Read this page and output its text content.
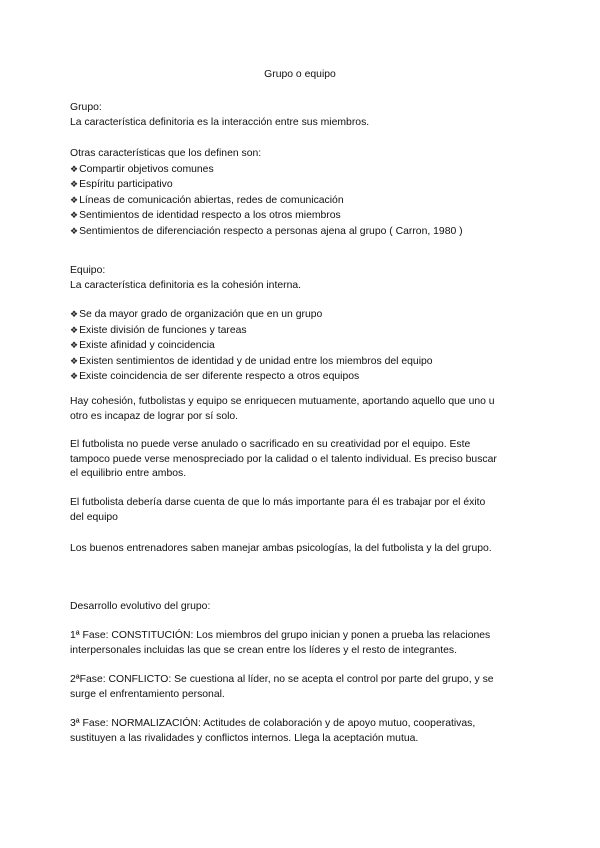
Grupo o equipo

Grupo:

La característica definitoria es la interacción entre sus miembros.

Otras características que los definen son:

❖ Compartir objetivos comunes
❖ Espíritu participativo
❖ Líneas de comunicación abiertas, redes de comunicación
❖ Sentimientos de identidad respecto a los otros miembros
❖ Sentimientos de diferenciación respecto a personas ajena al grupo ( Carron, 1980 )

Equipo:

La característica definitoria es la cohesión interna.

❖ Se da mayor grado de organización que en un grupo
❖ Existe división de funciones y tareas
❖ Existe afinidad y coincidencia
❖ Existen sentimientos de identidad y de unidad entre los miembros del equipo
❖ Existe coincidencia de ser diferente respecto a otros equipos

Hay cohesión, futbolistas y equipo se enriquecen mutuamente, aportando aquello que uno u

otro es incapaz de lograr por sí solo.

El futbolista no puede verse anulado o sacrificado en su creatividad por el equipo. Este

tampoco puede verse menospreciado por la calidad o el talento individual. Es preciso buscar

el equilibrio entre ambos.

El futbolista debería darse cuenta de que lo más importante para él es trabajar por el éxito

del equipo

Los buenos entrenadores saben manejar ambas psicologías, la del futbolista y la del grupo.

Desarrollo evolutivo del grupo:

1ª Fase: CONSTITUCIÓN: Los miembros del grupo inician y ponen a prueba las relaciones

interpersonales incluidas las que se crean entre los líderes y el resto de integrantes.

2ªFase: CONFLICTO: Se cuestiona al líder, no se acepta el control por parte del grupo, y se

surge el enfrentamiento personal.

3ª Fase: NORMALIZACIÓN: Actitudes de colaboración y de apoyo mutuo, cooperativas,

sustituyen a las rivalidades y conflictos internos. Llega la aceptación mutua.
